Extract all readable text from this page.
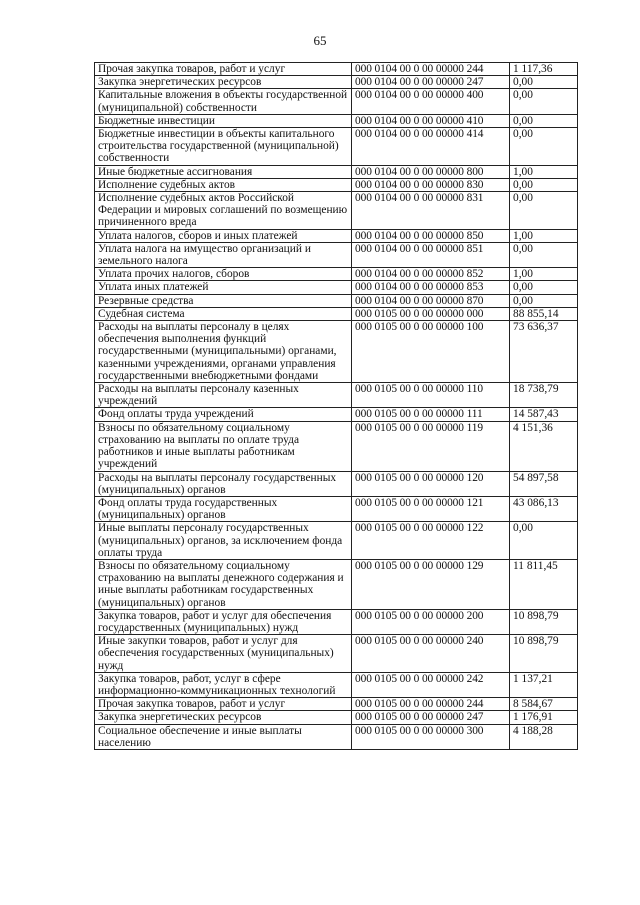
65
Прочая закупка товаров, работ и услуг	000 0104 00 0 00 00000 244	1 117,36
Закупка энергетических ресурсов	000 0104 00 0 00 00000 247	0,00
Капитальные вложения в объекты государственной (муниципальной) собственности	000 0104 00 0 00 00000 400	0,00
Бюджетные инвестиции	000 0104 00 0 00 00000 410	0,00
Бюджетные инвестиции в объекты капитального строительства государственной (муниципальной) собственности	000 0104 00 0 00 00000 414	0,00
Иные бюджетные ассигнования	000 0104 00 0 00 00000 800	1,00
Исполнение судебных актов	000 0104 00 0 00 00000 830	0,00
Исполнение судебных актов Российской Федерации и мировых соглашений по возмещению причиненного вреда	000 0104 00 0 00 00000 831	0,00
Уплата налогов, сборов и иных платежей	000 0104 00 0 00 00000 850	1,00
Уплата налога на имущество организаций и земельного налога	000 0104 00 0 00 00000 851	0,00
Уплата прочих налогов, сборов	000 0104 00 0 00 00000 852	1,00
Уплата иных платежей	000 0104 00 0 00 00000 853	0,00
Резервные средства	000 0104 00 0 00 00000 870	0,00
Судебная система	000 0105 00 0 00 00000 000	88 855,14
Расходы на выплаты персоналу в целях обеспечения выполнения функций государственными (муниципальными) органами, казенными учреждениями, органами управления государственными внебюджетными фондами	000 0105 00 0 00 00000 100	73 636,37
Расходы на выплаты персоналу казенных учреждений	000 0105 00 0 00 00000 110	18 738,79
Фонд оплаты труда учреждений	000 0105 00 0 00 00000 111	14 587,43
Взносы по обязательному социальному страхованию на выплаты по оплате труда работников и иные выплаты работникам учреждений	000 0105 00 0 00 00000 119	4 151,36
Расходы на выплаты персоналу государственных (муниципальных) органов	000 0105 00 0 00 00000 120	54 897,58
Фонд оплаты труда государственных (муниципальных) органов	000 0105 00 0 00 00000 121	43 086,13
Иные выплаты персоналу государственных (муниципальных) органов, за исключением фонда оплаты труда	000 0105 00 0 00 00000 122	0,00
Взносы по обязательному социальному страхованию на выплаты денежного содержания и иные выплаты работникам государственных (муниципальных) органов	000 0105 00 0 00 00000 129	11 811,45
Закупка товаров, работ и услуг для обеспечения государственных (муниципальных) нужд	000 0105 00 0 00 00000 200	10 898,79
Иные закупки товаров, работ и услуг для обеспечения государственных (муниципальных) нужд	000 0105 00 0 00 00000 240	10 898,79
Закупка товаров, работ, услуг в сфере информационно-коммуникационных технологий	000 0105 00 0 00 00000 242	1 137,21
Прочая закупка товаров, работ и услуг	000 0105 00 0 00 00000 244	8 584,67
Закупка энергетических ресурсов	000 0105 00 0 00 00000 247	1 176,91
Социальное обеспечение и иные выплаты населению	000 0105 00 0 00 00000 300	4 188,28
